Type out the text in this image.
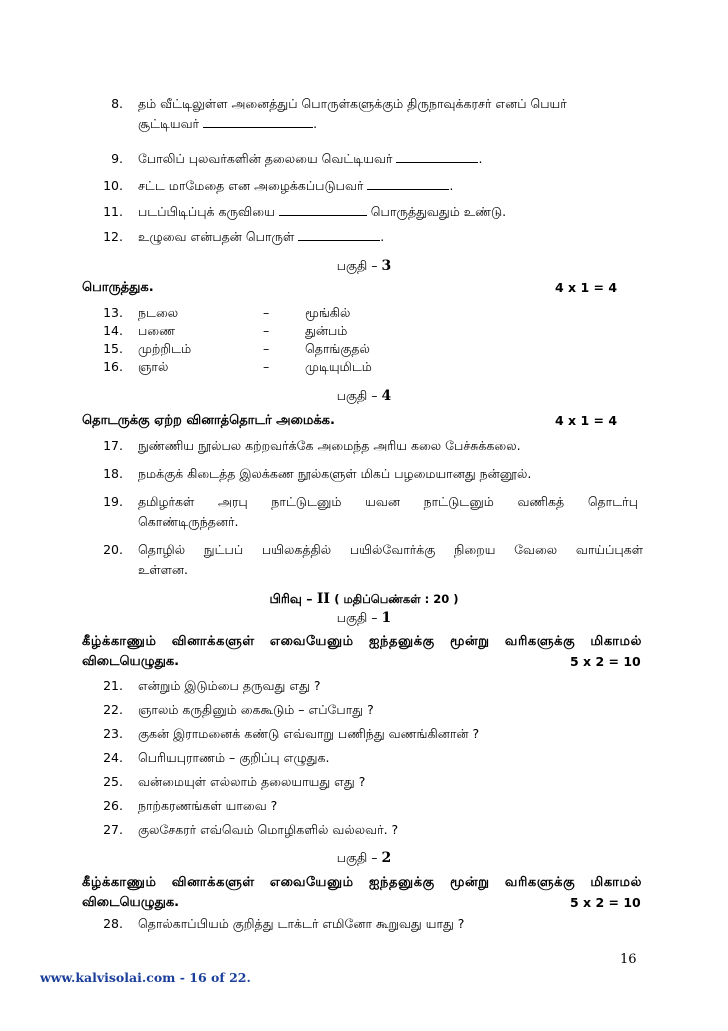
8. தம் வீட்டிலுள்ள அனைத்துப் பொருள்களுக்கும் திருநாவுக்கரசர் எனப் பெயர்
சூட்டியவர்	.
9. போலிப் புலவர்களின் தலையை வெட்டியவர்	.
10. சட்ட மாமேதை என அழைக்கப்படுபவர்	.
11. படப்பிடிப்புக் கருவியை	பொருத்துவதும் உண்டு.
12. உழுவை என்பதன் பொருள்	.
பகுதி – 3
பொருத்துக.	4 x 1 = 4
13. நடலை	–	மூங்கில்
14. பணை	–	துன்பம்
15. முற்றிடம்	–	தொங்குதல்
16. ஞால்	–	முடியுமிடம்
பகுதி – 4
தொடருக்கு ஏற்ற வினாத்தொடர் அமைக்க.	4 x 1 = 4
17. நுண்ணிய நூல்பல கற்றவர்க்கே அமைந்த அரிய கலை பேச்சுக்கலை.
18. நமக்குக் கிடைத்த இலக்கண நூல்களுள் மிகப் பழமையானது நன்னூல்.
19. தமிழர்கள் அரபு நாட்டுடனும் யவன நாட்டுடனும் வணிகத் தொடர்பு
கொண்டிருந்தனர்.
20. தொழில் நுட்பப் பயிலகத்தில் பயில்வோர்க்கு நிறைய வேலை வாய்ப்புகள்
உள்ளன.
பிரிவு – II ( மதிப்பெண்கள் : 20 )
பகுதி – 1
கீழ்க்காணும் வினாக்களுள் எவையேனும் ஐந்தனுக்கு மூன்று வரிகளுக்கு மிகாமல்
விடையெழுதுக.	5 x 2 = 10
21. என்றும் இடும்பை தருவது எது ?
22. ஞாலம் கருதினும் கைகூடும் – எப்போது ?
23. குகன் இராமனைக் கண்டு எவ்வாறு பணிந்து வணங்கினான் ?
24. பெரியபுராணம் – குறிப்பு எழுதுக.
25. வன்மையுள் எல்லாம் தலையாயது எது ?
26. நாற்கரணங்கள் யாவை ?
27. குலசேகரர் எவ்வெம் மொழிகளில் வல்லவர். ?
பகுதி – 2
கீழ்க்காணும் வினாக்களுள் எவையேனும் ஐந்தனுக்கு மூன்று வரிகளுக்கு மிகாமல்
விடையெழுதுக.	5 x 2 = 10
28. தொல்காப்பியம் குறித்து டாக்டர் எமினோ கூறுவது யாது ?
16
www.kalvisolai.com - 16 of 22.
